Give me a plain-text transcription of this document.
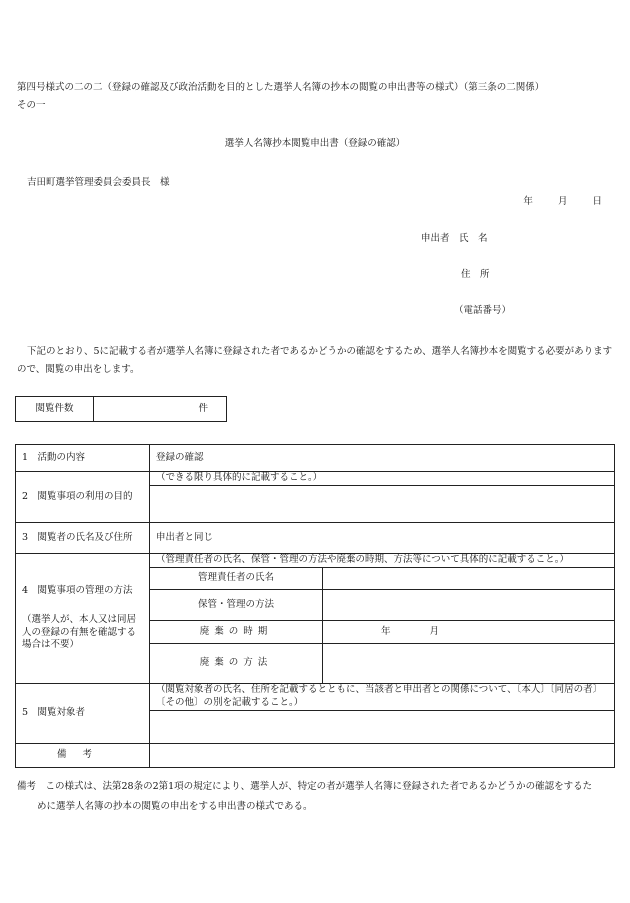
第四号様式の二の二（登録の確認及び政治活動を目的とした選挙人名簿の抄本の閲覧の申出書等の様式）（第三条の二関係）
その一
選挙人名簿抄本閲覧申出書（登録の確認）
吉田町選挙管理委員会委員長　様
年	月	日
申出者　氏　名
住　所
（電話番号）
下記のとおり、5に記載する者が選挙人名簿に登録された者であるかどうかの確認をするため、選挙人名簿抄本を閲覧する必要がありますので、閲覧の申出をします。
閲覧件数	件
1　活動の内容	登録の確認	
2　閲覧事項の利用の目的	（できる限り具体的に記載すること。）	

3　閲覧者の氏名及び住所	申出者と同じ	

4　閲覧事項の管理の方法
（選挙人が、本人又は同居人の登録の有無を確認する場合は不要）	（管理責任者の氏名、保管・管理の方法や廃棄の時期、方法等について具体的に記載すること。）	
	管理責任者の氏名	
	保管・管理の方法	
	廃棄の時期	年 月
	廃棄の方法	
5　閲覧対象者	（閲覧対象者の氏名、住所を記載するとともに、当該者と申出者との関係について、〔本人〕〔同居の者〕〔その他〕の別を記載すること。）	

備考		
備考　この様式は、法第28条の2第1項の規定により、選挙人が、特定の者が選挙人名簿に登録された者であるかどうかの確認をするた
めに選挙人名簿の抄本の閲覧の申出をする申出書の様式である。
